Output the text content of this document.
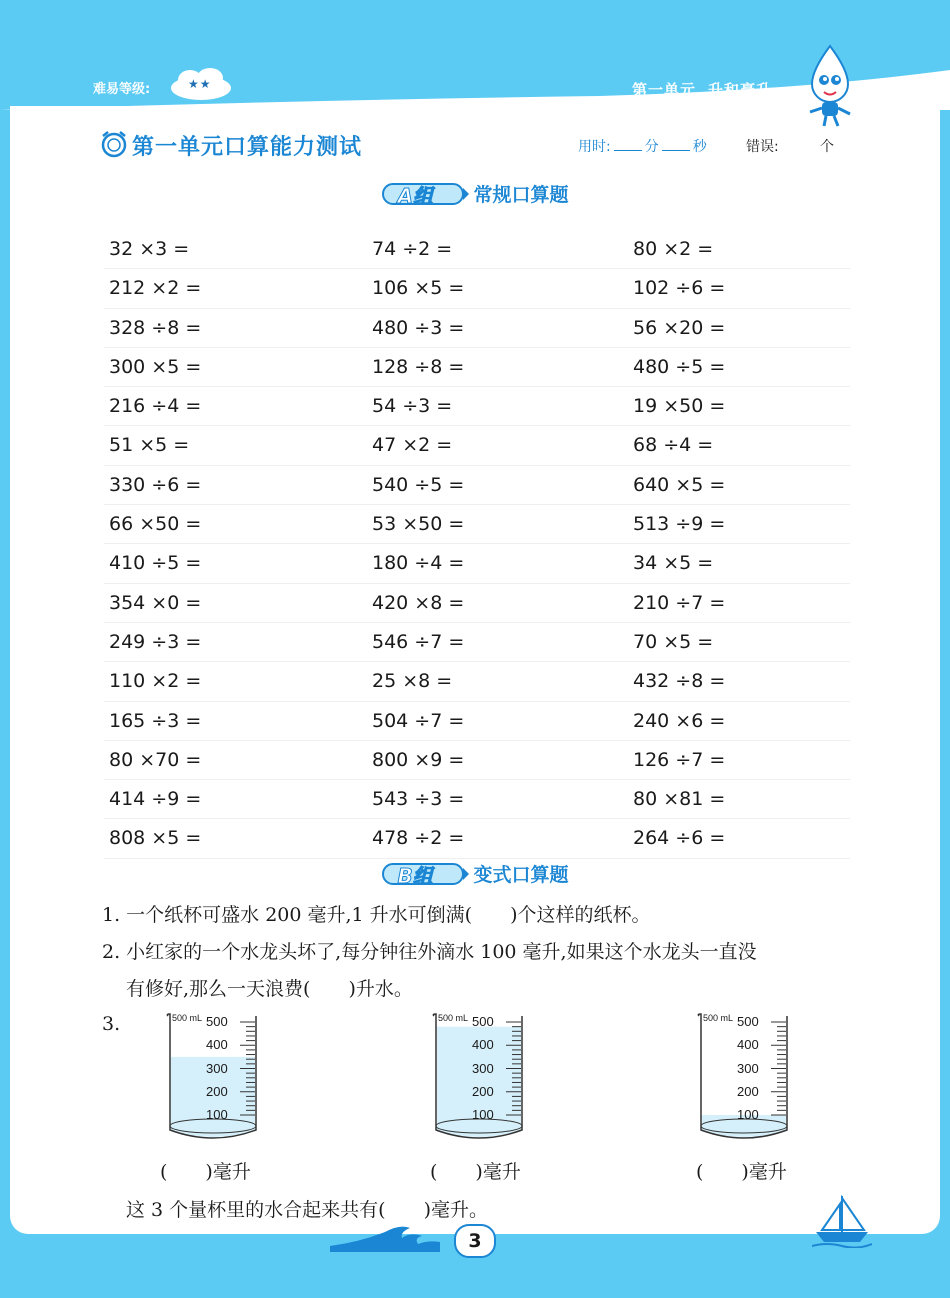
难易等级:	★★	第一单元 升和毫升
第一单元口算能力测试	用时: 分 秒	错误:	个
A组 常规口算题
32 ×3 =	74 ÷2 =	80 ×2 =
212 ×2 =	106 ×5 =	102 ÷6 =
328 ÷8 =	480 ÷3 =	56 ×20 =
300 ×5 =	128 ÷8 =	480 ÷5 =
216 ÷4 =	54 ÷3 =	19 ×50 =
51 ×5 =	47 ×2 =	68 ÷4 =
330 ÷6 =	540 ÷5 =	640 ×5 =
66 ×50 =	53 ×50 =	513 ÷9 =
410 ÷5 =	180 ÷4 =	34 ×5 =
354 ×0 =	420 ×8 =	210 ÷7 =
249 ÷3 =	546 ÷7 =	70 ×5 =
110 ×2 =	25 ×8 =	432 ÷8 =
165 ÷3 =	504 ÷7 =	240 ×6 =
80 ×70 =	800 ×9 =	126 ÷7 =
414 ÷9 =	543 ÷3 =	80 ×81 =
808 ×5 =	478 ÷2 =	264 ÷6 =
B组 变式口算题
1. 一个纸杯可盛水 200 毫升,1 升水可倒满(　　)个这样的纸杯。
2. 小红家的一个水龙头坏了,每分钟往外滴水 100 毫升,如果这个水龙头一直没
有修好,那么一天浪费(　　)升水。
3.	500 mL 500
400
300
200
100
500 mL 500
400
300
200
100
500 mL 500
400
300
200
100
(　　)毫升	(　　)毫升	(　　)毫升
这 3 个量杯里的水合起来共有(　　)毫升。
3
